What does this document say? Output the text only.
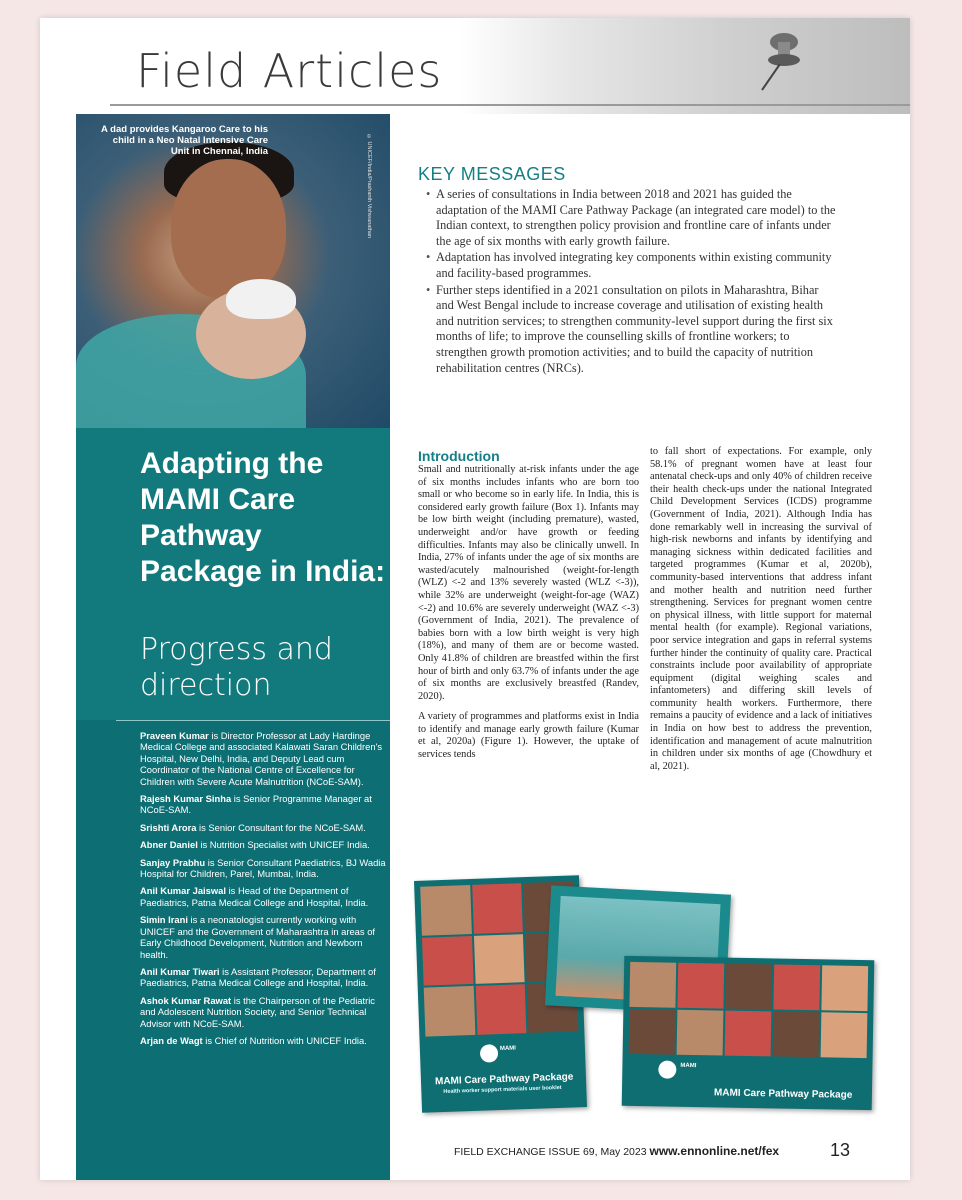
Field Articles
A dad provides Kangaroo Care to his child in a Neo Natal Intensive Care Unit in Chennai, India	© UNICEF/India/Prashanth Vishwanathan
Adapting the MAMI Care Pathway Package in India:
Progress and direction

Praveen Kumar is Director Professor at Lady Hardinge Medical College and associated Kalawati Saran Children's Hospital, New Delhi, India, and Deputy Lead cum Coordinator of the National Centre of Excellence for Children with Severe Acute Malnutrition (NCoE-SAM).

Rajesh Kumar Sinha is Senior Programme Manager at NCoE-SAM.

Srishti Arora is Senior Consultant for the NCoE-SAM.

Abner Daniel is Nutrition Specialist with UNICEF India.

Sanjay Prabhu is Senior Consultant Paediatrics, BJ Wadia Hospital for Children, Parel, Mumbai, India.

Anil Kumar Jaiswal is Head of the Department of Paediatrics, Patna Medical College and Hospital, India.

Simin Irani is a neonatologist currently working with UNICEF and the Government of Maharashtra in areas of Early Childhood Development, Nutrition and Newborn health.

Anil Kumar Tiwari is Assistant Professor, Department of Paediatrics, Patna Medical College and Hospital, India.

Ashok Kumar Rawat is the Chairperson of the Pediatric and Adolescent Nutrition Society, and Senior Technical Advisor with NCoE-SAM.

Arjan de Wagt is Chief of Nutrition with UNICEF India.

KEY MESSAGES
• A series of consultations in India between 2018 and 2021 has guided the adaptation of the MAMI Care Pathway Package (an integrated care model) to the Indian context, to strengthen policy provision and frontline care of infants under the age of six months with early growth failure.
• Adaptation has involved integrating key components within existing community and facility-based programmes.
• Further steps identified in a 2021 consultation on pilots in Maharashtra, Bihar and West Bengal include to increase coverage and utilisation of existing health and nutrition services; to strengthen community-level support during the first six months of life; to improve the counselling skills of frontline workers; to strengthen growth promotion activities; and to build the capacity of nutrition rehabilitation centres (NRCs).
Introduction

Small and nutritionally at-risk infants under the age of six months includes infants who are born too small or who become so in early life. In India, this is considered early growth failure (Box 1). Infants may be low birth weight (including premature), wasted, underweight and/or have growth or feeding difficulties. Infants may also be clinically unwell. In India, 27% of infants under the age of six months are wasted/acutely malnourished (weight-for-length (WLZ) <-2 and 13% severely wasted (WLZ <-3)), while 32% are underweight (weight-for-age (WAZ) <-2) and 10.6% are severely underweight (WAZ <-3) (Government of India, 2021). The prevalence of babies born with a low birth weight is very high (18%), and many of them are or become wasted. Only 41.8% of children are breastfed within the first hour of birth and only 63.7% of infants under the age of six months are exclusively breastfed (Randev, 2020).

A variety of programmes and platforms exist in India to identify and manage early growth failure (Kumar et al, 2020a) (Figure 1). However, the uptake of services tends

to fall short of expectations. For example, only 58.1% of pregnant women have at least four antenatal check-ups and only 40% of children receive their health check-ups under the national Integrated Child Development Services (ICDS) programme (Government of India, 2021). Although India has done remarkably well in increasing the survival of high-risk newborns and infants by identifying and managing sickness within dedicated facilities and targeted programmes (Kumar et al, 2020b), community-based interventions that address infant and mother health and nutrition need further strengthening. Services for pregnant women centre on physical illness, with little support for maternal mental health (for example). Regional variations, poor service integration and gaps in referral systems further hinder the continuity of quality care. Practical constraints include poor availability of appropriate equipment (digital weighing scales and infantometers) and differing skill levels of community health workers. Furthermore, there remains a paucity of evidence and a lack of initiatives in India on how best to address the prevention, identification and management of acute malnutrition in children under six months of age (Chowdhury et al, 2021).

MAMI
MAMI Care Pathway Package
Health worker support materials user booklet
MAMI
MAMI Care Pathway Package
FIELD EXCHANGE ISSUE 69, May 2023 www.ennonline.net/fex	13
